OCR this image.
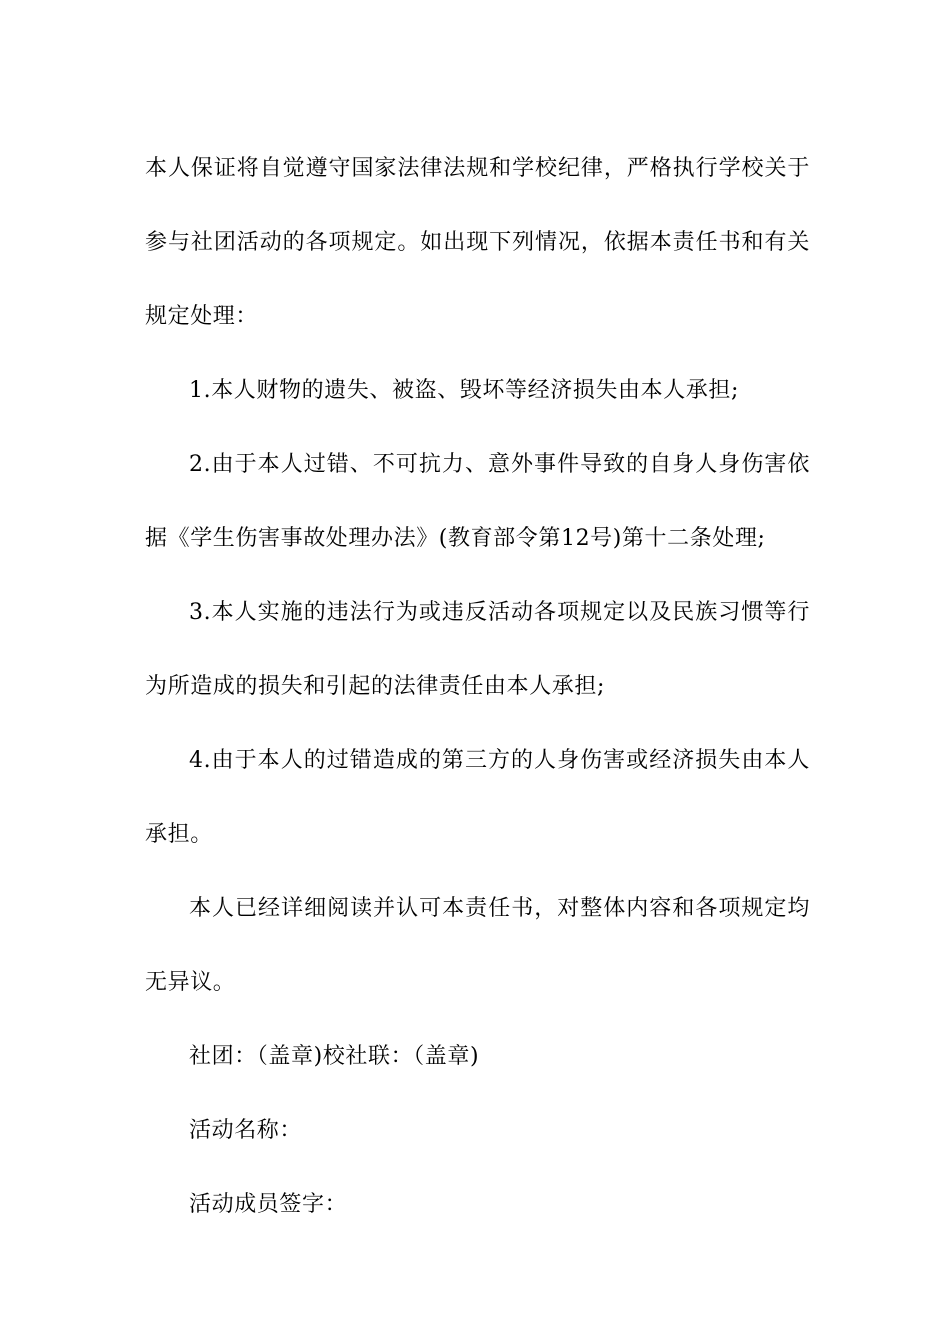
本人保证将自觉遵守国家法律法规和学校纪律，严格执行学校关于参与社团活动的各项规定。如出现下列情况，依据本责任书和有关规定处理：

1.本人财物的遗失、被盗、毁坏等经济损失由本人承担;

2.由于本人过错、不可抗力、意外事件导致的自身人身伤害依据《学生伤害事故处理办法》(教育部令第12号)第十二条处理;

3.本人实施的违法行为或违反活动各项规定以及民族习惯等行为所造成的损失和引起的法律责任由本人承担;

4.由于本人的过错造成的第三方的人身伤害或经济损失由本人承担。

本人已经详细阅读并认可本责任书，对整体内容和各项规定均无异议。

社团：（盖章)校社联：（盖章)

活动名称：

活动成员签字：
